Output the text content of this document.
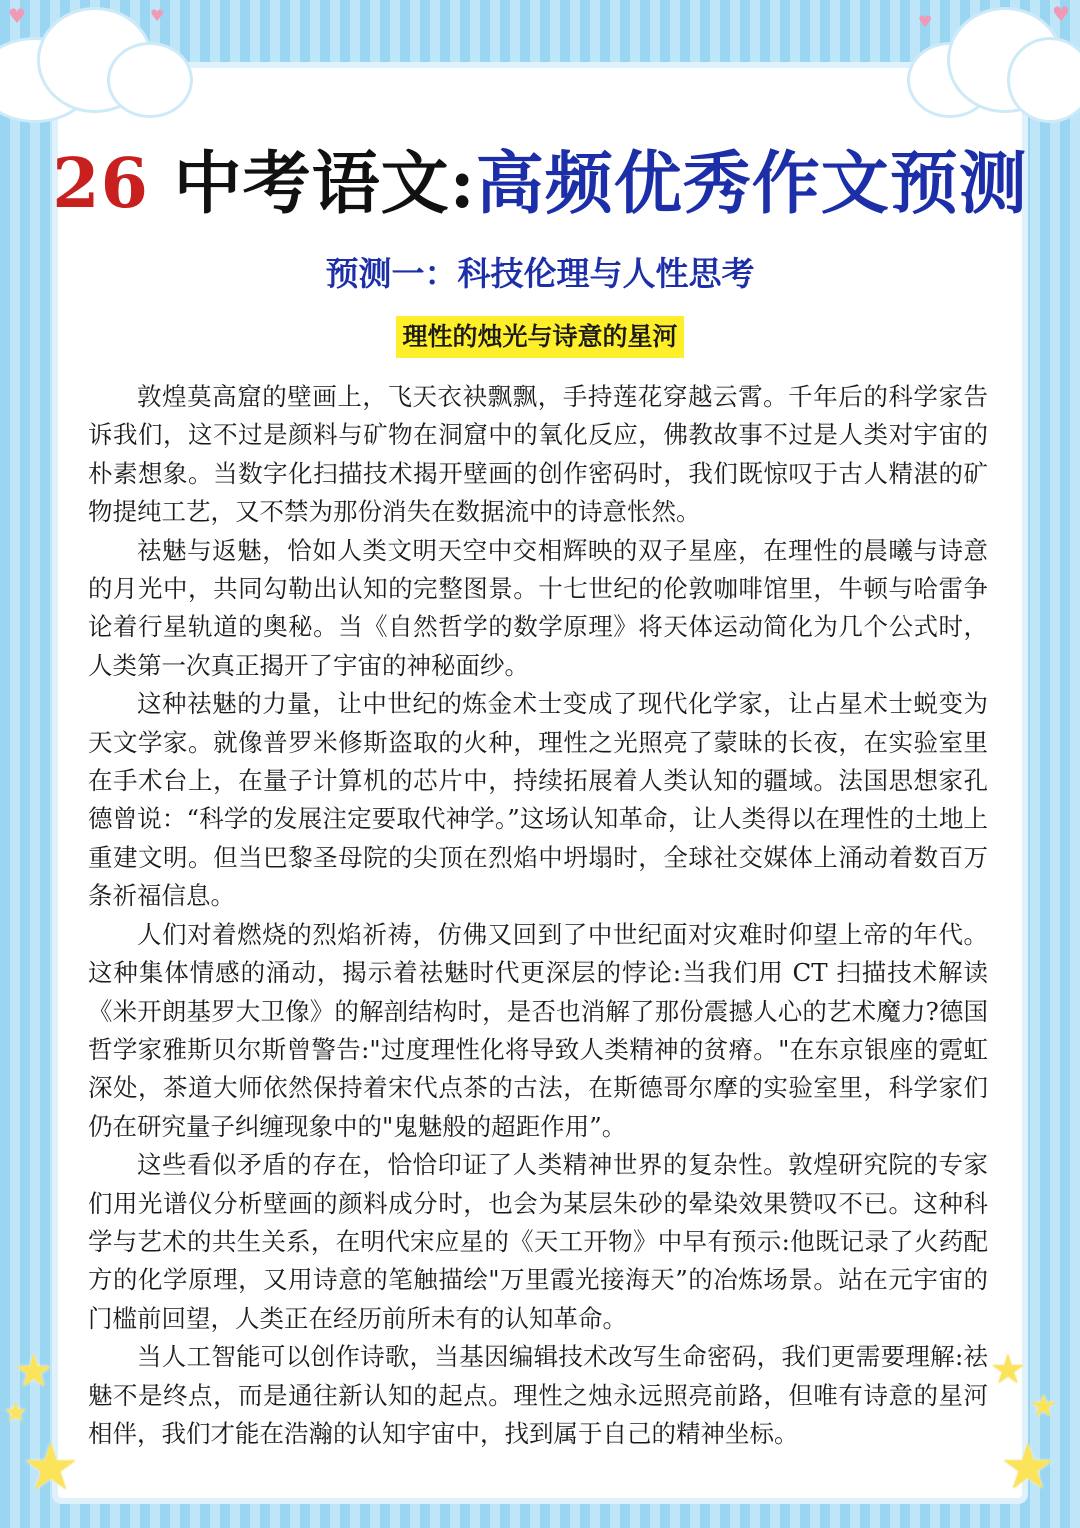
♥	♥	♥	♥
★
★
★
★
★
★
26 中考语文:高频优秀作文预测
预测一：科技伦理与人性思考
理性的烛光与诗意的星河

敦煌莫高窟的壁画上，飞天衣袂飘飘，手持莲花穿越云霄。千年后的科学家告诉我们，这不过是颜料与矿物在洞窟中的氧化反应，佛教故事不过是人类对宇宙的朴素想象。当数字化扫描技术揭开壁画的创作密码时，我们既惊叹于古人精湛的矿物提纯工艺，又不禁为那份消失在数据流中的诗意怅然。

祛魅与返魅，恰如人类文明天空中交相辉映的双子星座，在理性的晨曦与诗意的月光中，共同勾勒出认知的完整图景。十七世纪的伦敦咖啡馆里，牛顿与哈雷争论着行星轨道的奥秘。当《自然哲学的数学原理》将天体运动简化为几个公式时，人类第一次真正揭开了宇宙的神秘面纱。

这种祛魅的力量，让中世纪的炼金术士变成了现代化学家，让占星术士蜕变为天文学家。就像普罗米修斯盗取的火种，理性之光照亮了蒙昧的长夜，在实验室里在手术台上，在量子计算机的芯片中，持续拓展着人类认知的疆域。法国思想家孔德曾说：“科学的发展注定要取代神学。”这场认知革命，让人类得以在理性的土地上重建文明。但当巴黎圣母院的尖顶在烈焰中坍塌时，全球社交媒体上涌动着数百万条祈福信息。

人们对着燃烧的烈焰祈祷，仿佛又回到了中世纪面对灾难时仰望上帝的年代。这种集体情感的涌动，揭示着祛魅时代更深层的悖论:当我们用 CT 扫描技术解读《米开朗基罗大卫像》的解剖结构时，是否也消解了那份震撼人心的艺术魔力?德国哲学家雅斯贝尔斯曾警告:"过度理性化将导致人类精神的贫瘠。"在东京银座的霓虹深处，茶道大师依然保持着宋代点茶的古法，在斯德哥尔摩的实验室里，科学家们仍在研究量子纠缠现象中的"鬼魅般的超距作用”。

这些看似矛盾的存在，恰恰印证了人类精神世界的复杂性。敦煌研究院的专家们用光谱仪分析壁画的颜料成分时，也会为某层朱砂的晕染效果赞叹不已。这种科学与艺术的共生关系，在明代宋应星的《天工开物》中早有预示:他既记录了火药配方的化学原理，又用诗意的笔触描绘"万里霞光接海天”的冶炼场景。站在元宇宙的门槛前回望，人类正在经历前所未有的认知革命。

当人工智能可以创作诗歌，当基因编辑技术改写生命密码，我们更需要理解:祛魅不是终点，而是通往新认知的起点。理性之烛永远照亮前路，但唯有诗意的星河相伴，我们才能在浩瀚的认知宇宙中，找到属于自己的精神坐标。
